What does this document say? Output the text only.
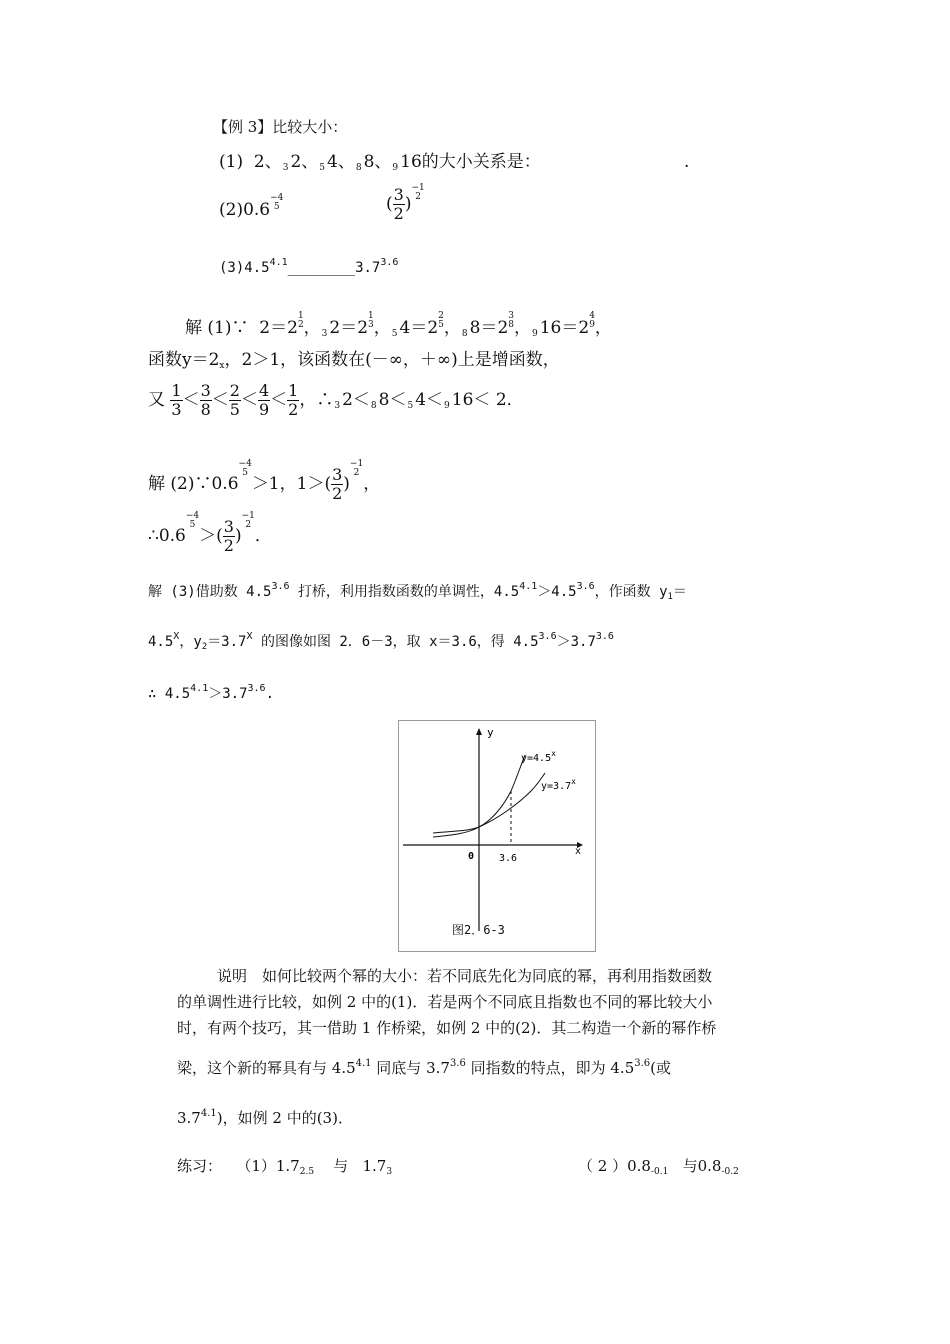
【例 3】比较大小：
(1) 2、3 2、5 4、8 8、9 16的大小关系是：	.
(2)0.6
−4
5	( $\frac{3}{2}$ )
−1
2
$(3)4.5^{4.1}\_\_\_\_\_\_\_\_3.7^{3.6}$
解 (1)∵  2＝2
1
2 ，3 2＝2
1
3 ，5 4＝2
2
5 ，8 8＝2
3
8 ，9 16＝2
4
9 ，
函数y＝2x，2＞1，该函数在(－∞，＋∞)上是增函数，
又 $\frac{1}{3} < \frac{3}{8} < \frac{2}{5} < \frac{4}{9} < \frac{1}{2}$ ，∴3 2＜8 8＜5 4＜9 16＜ 2．
解 (2)∵0.6
−4
5
＞1，$1>( \frac{3}{2}$ )
−1
2
，
∴0.6
−4
5
＞( $\frac{3}{2}$ )
−1
2
．
解 (3)借助数 $4.5^{3.6}$ 打桥，利用指数函数的单调性，$4.5^{4.1}>4.5^{3.6}$，作函数 $y_1=$
$4.5^X$，$y_2=3.7^X$ 的图像如图 2．6－3，取 x＝3.6，得 $4.5^{3.6}>3.7^{3.6}$
∴ $4.5^{4.1}>3.7^{3.6}$.
y
x
0 3.6
$y=4.5^x$
$y=3.7^x$
图2．6-3
说明　如何比较两个幂的大小：若不同底先化为同底的幂，再利用指数函数
的单调性进行比较，如例 2 中的(1)．若是两个不同底且指数也不同的幂比较大小
时，有两个技巧，其一借助 1 作桥梁，如例 2 中的(2)．其二构造一个新的幂作桥
梁，这个新的幂具有与 $4.5^{4.1}$ 同底与 $3.7^{3.6}$ 同指数的特点，即为 $4.5^{3.6}$(或
$3.7^{4.1}$)，如例 2 中的(3)．
练习： $(1)1.7_{2.5}$ 与 $1.7_3$	（ 2 ）$0.8_{-0.1}$ 与$0.8_{-0.2}$
